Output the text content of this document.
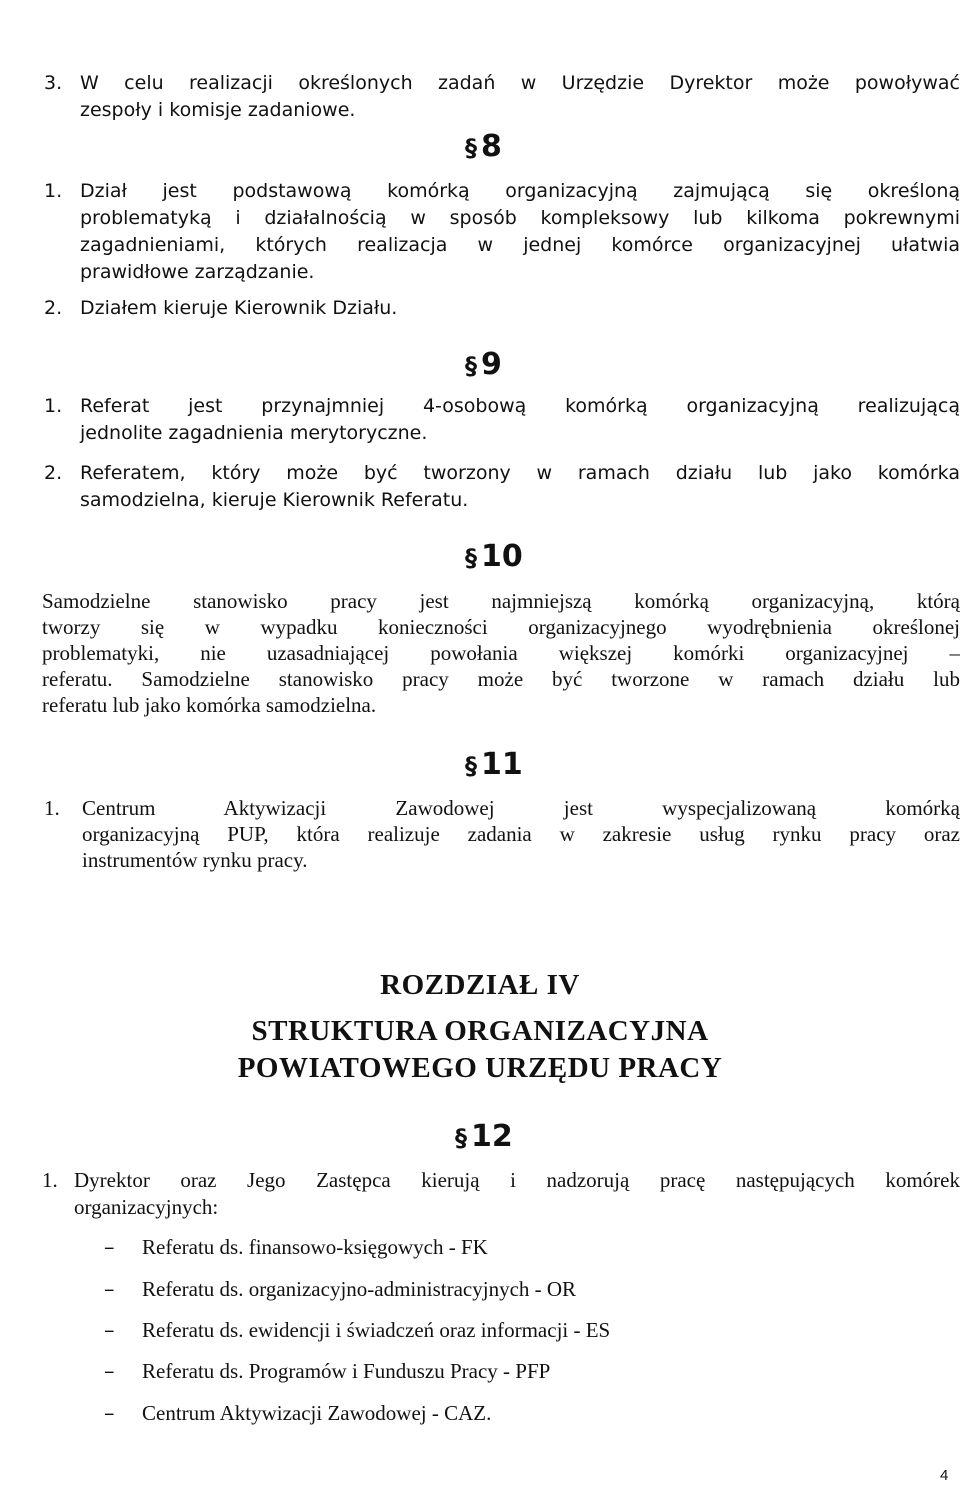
3. W celu realizacji określonych zadań w Urzędzie Dyrektor może powoływać
zespoły i komisje zadaniowe.
§ 8
1. Dział jest podstawową komórką organizacyjną zajmującą się określoną
problematyką i działalnością w sposób kompleksowy lub kilkoma pokrewnymi
zagadnieniami, których realizacja w jednej komórce organizacyjnej ułatwia
prawidłowe zarządzanie.
2. Działem kieruje Kierownik Działu.
§ 9
1. Referat jest przynajmniej 4-osobową komórką organizacyjną realizującą
jednolite zagadnienia merytoryczne.
2. Referatem, który może być tworzony w ramach działu lub jako komórka
samodzielna, kieruje Kierownik Referatu.
§ 10
Samodzielne stanowisko pracy jest najmniejszą komórką organizacyjną, którą
tworzy się w wypadku konieczności organizacyjnego wyodrębnienia określonej
problematyki, nie uzasadniającej powołania większej komórki organizacyjnej –
referatu. Samodzielne stanowisko pracy może być tworzone w ramach działu lub
referatu lub jako komórka samodzielna.
§ 11
1. Centrum Aktywizacji Zawodowej jest wyspecjalizowaną komórką
organizacyjną PUP, która realizuje zadania w zakresie usług rynku pracy oraz
instrumentów rynku pracy.
ROZDZIAŁ IV
STRUKTURA ORGANIZACYJNA
POWIATOWEGO URZĘDU PRACY
§ 12
1. Dyrektor oraz Jego Zastępca kierują i nadzorują pracę następujących komórek
organizacyjnych:
– Referatu ds. finansowo-księgowych - FK
– Referatu ds. organizacyjno-administracyjnych - OR
– Referatu ds. ewidencji i świadczeń oraz informacji - ES
– Referatu ds. Programów i Funduszu Pracy - PFP
– Centrum Aktywizacji Zawodowej - CAZ.
4
